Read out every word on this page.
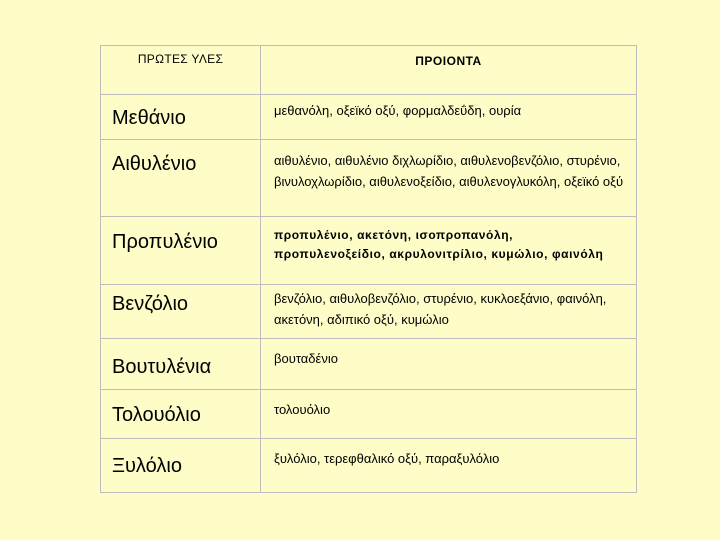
ΠΡΩΤΕΣ ΥΛΕΣ	ΠΡΟΙΟΝΤΑ
Μεθάνιο	μεθανόλη, οξεϊκό οξύ, φορμαλδεΰδη, ουρία
Αιθυλένιο	αιθυλένιο, αιθυλένιο διχλωρίδιο, αιθυλενοβενζόλιο, στυρένιο, βινυλοχλωρίδιο, αιθυλενοξείδιο, αιθυλενογλυκόλη, οξεϊκό οξύ
Προπυλένιο	προπυλένιο, ακετόνη, ισοπροπανόλη, προπυλενοξείδιο, ακρυλονιτρίλιο, κυμώλιο, φαινόλη
Βενζόλιο	βενζόλιο, αιθυλοβενζόλιο, στυρένιο, κυκλοεξάνιο, φαινόλη, ακετόνη, αδιπικό οξύ, κυμώλιο
Βουτυλένια	βουταδένιο
Τολουόλιο	τολουόλιο
Ξυλόλιο	ξυλόλιο, τερεφθαλικό οξύ, παραξυλόλιο
